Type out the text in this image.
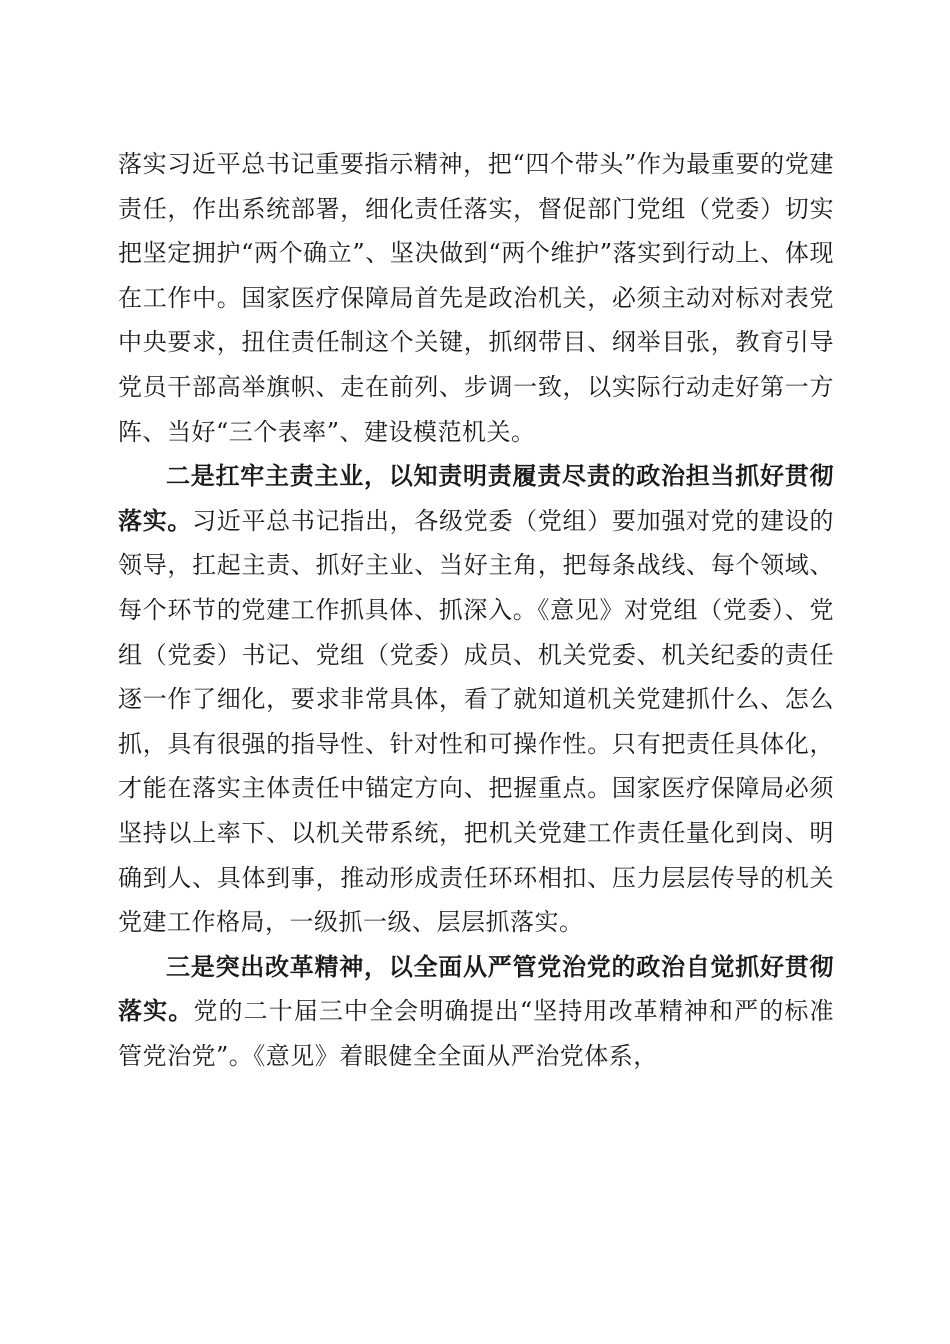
落实习近平总书记重要指示精神，把“四个带头”作为最重要的党建责任，作出系统部署，细化责任落实，督促部门党组（党委）切实把坚定拥护“两个确立”、坚决做到“两个维护”落实到行动上、体现在工作中。国家医疗保障局首先是政治机关，必须主动对标对表党中央要求，扭住责任制这个关键，抓纲带目、纲举目张，教育引导党员干部高举旗帜、走在前列、步调一致，以实际行动走好第一方阵、当好“三个表率”、建设模范机关。

二是扛牢主责主业，以知责明责履责尽责的政治担当抓好贯彻落实。习近平总书记指出，各级党委（党组）要加强对党的建设的领导，扛起主责、抓好主业、当好主角，把每条战线、每个领域、每个环节的党建工作抓具体、抓深入。《意见》对党组（党委）、党组（党委）书记、党组（党委）成员、机关党委、机关纪委的责任逐一作了细化，要求非常具体，看了就知道机关党建抓什么、怎么抓，具有很强的指导性、针对性和可操作性。只有把责任具体化，才能在落实主体责任中锚定方向、把握重点。国家医疗保障局必须坚持以上率下、以机关带系统，把机关党建工作责任量化到岗、明确到人、具体到事，推动形成责任环环相扣、压力层层传导的机关党建工作格局，一级抓一级、层层抓落实。

三是突出改革精神，以全面从严管党治党的政治自觉抓好贯彻落实。党的二十届三中全会明确提出“坚持用改革精神和严的标准管党治党”。《意见》着眼健全全面从严治党体系，
